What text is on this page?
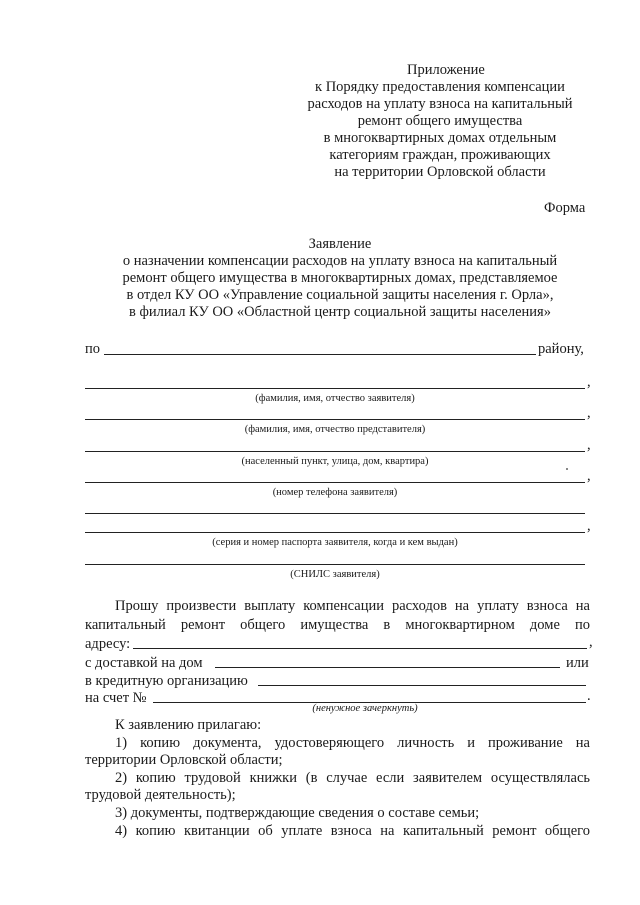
Приложение
к Порядку предоставления компенсации
расходов на уплату взноса на капитальный
ремонт общего имущества
в многоквартирных домах отдельным
категориям граждан, проживающих
на территории Орловской области
Форма
Заявление
о назначении компенсации расходов на уплату взноса на капитальный
ремонт общего имущества в многоквартирных домах, представляемое
в отдел КУ ОО «Управление социальной защиты населения г. Орла»,
в филиал КУ ОО «Областной центр социальной защиты населения»
по	району,
,
(фамилия, имя, отчество заявителя)
,
(фамилия, имя, отчество представителя)
,
(населенный пункт, улица, дом, квартира)
,
(номер телефона заявителя)
,
(серия и номер паспорта заявителя, когда и кем выдан)
(СНИЛС заявителя)
Прошу произвести выплату компенсации расходов на уплату взноса на
капитальный ремонт общего имущества в многоквартирном доме по
адресу:	,
с доставкой на дом	или
в кредитную организацию
на счет №	.
(ненужное зачеркнуть)
К заявлению прилагаю:
1) копию документа, удостоверяющего личность и проживание на
территории Орловской области;
2) копию трудовой книжки (в случае если заявителем осуществлялась
трудовой деятельность);
3) документы, подтверждающие сведения о составе семьи;
4) копию квитанции об уплате взноса на капитальный ремонт общего
